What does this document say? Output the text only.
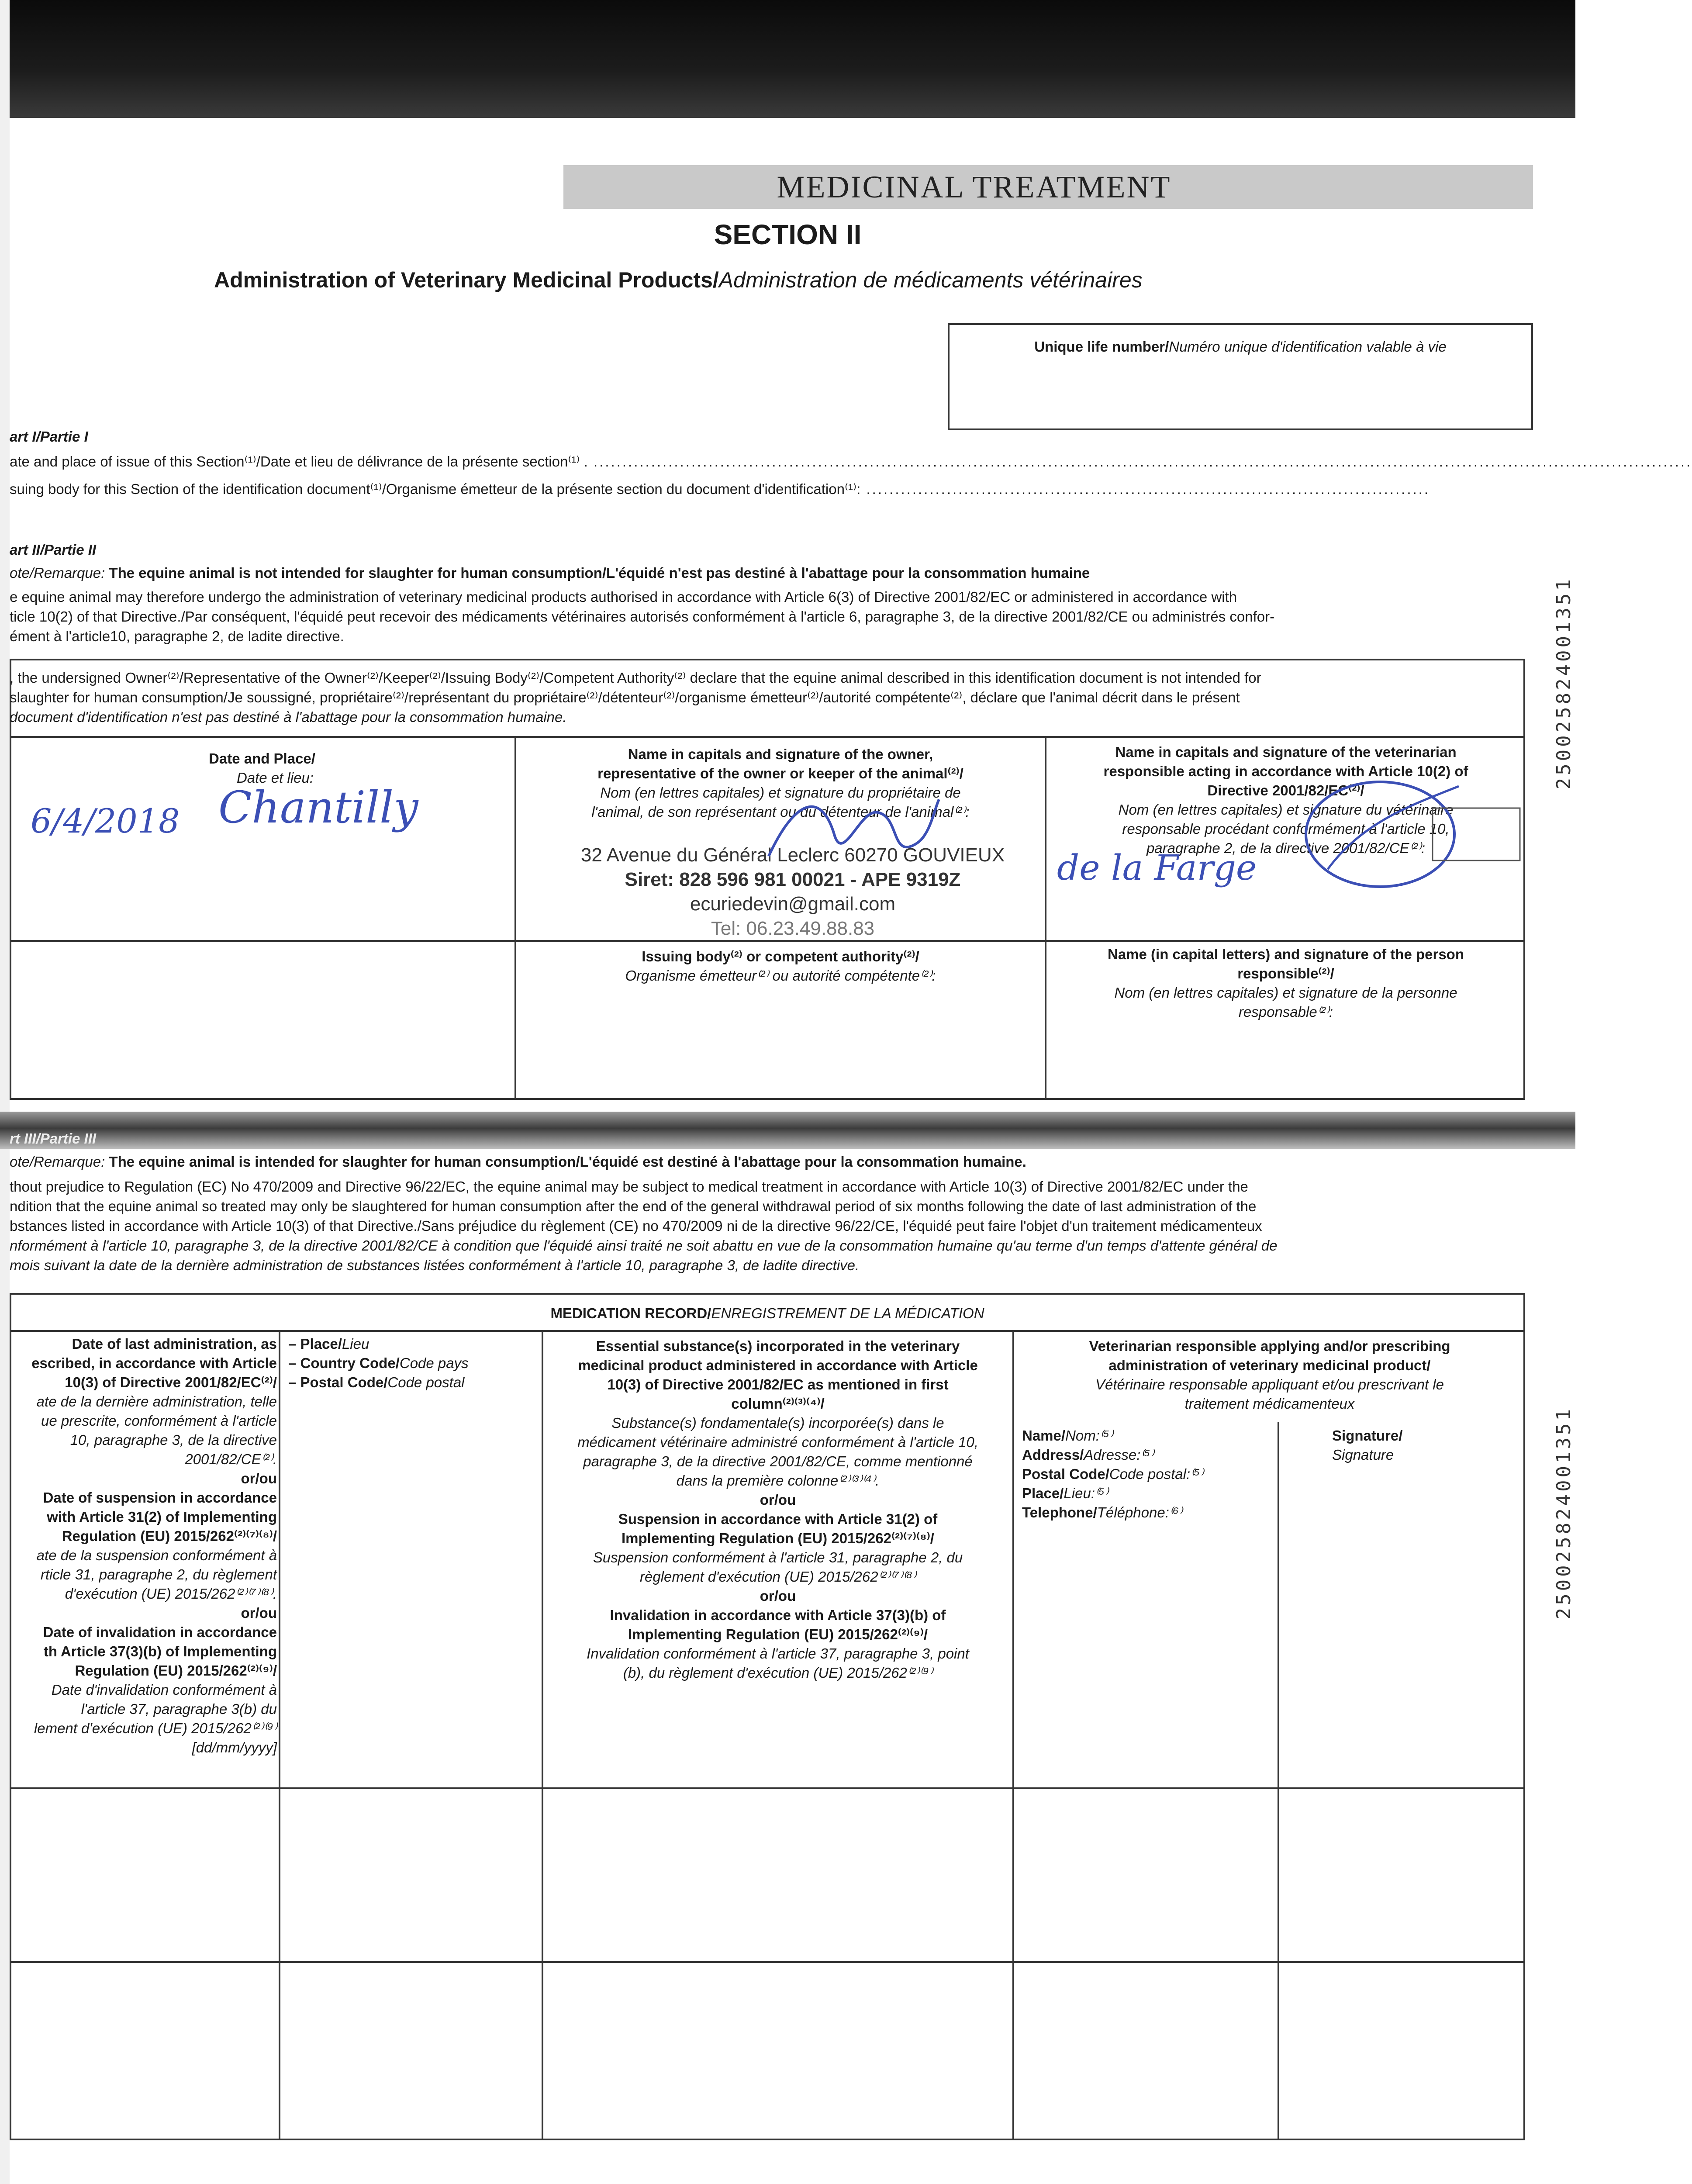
MEDICINAL TREATMENT
SECTION II
Administration of Veterinary Medicinal Products/Administration de médicaments vétérinaires
Unique life number/Numéro unique d'identification valable à vie
art I/Partie I
ate and place of issue of this Section⁽¹⁾/Date et lieu de délivrance de la présente section⁽¹⁾ . ...............................................................................................................................................................................................
suing body for this Section of the identification document⁽¹⁾/Organisme émetteur de la présente section du document d'identification⁽¹⁾: ..................................................................................................
art II/Partie II
ote/Remarque: The equine animal is not intended for slaughter for human consumption/L'équidé n'est pas destiné à l'abattage pour la consommation humaine
e equine animal may therefore undergo the administration of veterinary medicinal products authorised in accordance with Article 6(3) of Directive 2001/82/EC or administered in accordance with
ticle 10(2) of that Directive./Par conséquent, l'équidé peut recevoir des médicaments vétérinaires autorisés conformément à l'article 6, paragraphe 3, de la directive 2001/82/CE ou administrés confor-
ément à l'article10, paragraphe 2, de ladite directive.
, the undersigned Owner⁽²⁾/Representative of the Owner⁽²⁾/Keeper⁽²⁾/Issuing Body⁽²⁾/Competent Authority⁽²⁾ declare that the equine animal described in this identification document is not intended for
slaughter for human consumption/Je soussigné, propriétaire⁽²⁾/représentant du propriétaire⁽²⁾/détenteur⁽²⁾/organisme émetteur⁽²⁾/autorité compétente⁽²⁾, déclare que l'animal décrit dans le présent
document d'identification n'est pas destiné à l'abattage pour la consommation humaine.
Date and Place/
Date et lieu:
Name in capitals and signature of the owner,
representative of the owner or keeper of the animal⁽²⁾/
Nom (en lettres capitales) et signature du propriétaire de
l'animal, de son représentant ou du détenteur de l'animal⁽²⁾:
Name in capitals and signature of the veterinarian
responsible acting in accordance with Article 10(2) of
Directive 2001/82/EC⁽²⁾/
Nom (en lettres capitales) et signature du vétérinaire
responsable procédant conformément à l'article 10,
paragraphe 2, de la directive 2001/82/CE⁽²⁾:
6/4/2018 Chantilly
de la Farge
32 Avenue du Général Leclerc 60270 GOUVIEUX
Siret: 828 596 981 00021 - APE 9319Z
ecuriedevin@gmail.com
Tel: 06.23.49.88.83
Issuing body⁽²⁾ or competent authority⁽²⁾/
Organisme émetteur⁽²⁾ ou autorité compétente⁽²⁾:
Name (in capital letters) and signature of the person
responsible⁽²⁾/
Nom (en lettres capitales) et signature de la personne
responsable⁽²⁾:
rt III/Partie III
ote/Remarque: The equine animal is intended for slaughter for human consumption/L'équidé est destiné à l'abattage pour la consommation humaine.
thout prejudice to Regulation (EC) No 470/2009 and Directive 96/22/EC, the equine animal may be subject to medical treatment in accordance with Article 10(3) of Directive 2001/82/EC under the
ndition that the equine animal so treated may only be slaughtered for human consumption after the end of the general withdrawal period of six months following the date of last administration of the
bstances listed in accordance with Article 10(3) of that Directive./Sans préjudice du règlement (CE) no 470/2009 ni de la directive 96/22/CE, l'équidé peut faire l'objet d'un traitement médicamenteux
nformément à l'article 10, paragraphe 3, de la directive 2001/82/CE à condition que l'équidé ainsi traité ne soit abattu en vue de la consommation humaine qu'au terme d'un temps d'attente général de
mois suivant la date de la dernière administration de substances listées conformément à l'article 10, paragraphe 3, de ladite directive.
MEDICATION RECORD/ENREGISTREMENT DE LA MÉDICATION
Date of last administration, as
escribed, in accordance with Article
10(3) of Directive 2001/82/EC⁽²⁾/
ate de la dernière administration, telle
ue prescrite, conformément à l'article
10, paragraphe 3, de la directive
2001/82/CE⁽²⁾.
or/ou
Date of suspension in accordance
with Article 31(2) of Implementing
Regulation (EU) 2015/262⁽²⁾⁽⁷⁾⁽⁸⁾/
ate de la suspension conformément à
rticle 31, paragraphe 2, du règlement
d'exécution (UE) 2015/262⁽²⁾⁽⁷⁾⁽⁸⁾.
or/ou
Date of invalidation in accordance
th Article 37(3)(b) of Implementing
Regulation (EU) 2015/262⁽²⁾⁽⁹⁾/
Date d'invalidation conformément à
l'article 37, paragraphe 3(b) du
lement d'exécution (UE) 2015/262⁽²⁾⁽⁹⁾
[dd/mm/yyyy]
– Place/Lieu
– Country Code/Code pays
– Postal Code/Code postal
Essential substance(s) incorporated in the veterinary
medicinal product administered in accordance with Article
10(3) of Directive 2001/82/EC as mentioned in first
column⁽²⁾⁽³⁾⁽⁴⁾/
Substance(s) fondamentale(s) incorporée(s) dans le
médicament vétérinaire administré conformément à l'article 10,
paragraphe 3, de la directive 2001/82/CE, comme mentionné
dans la première colonne⁽²⁾⁽³⁾⁽⁴⁾.
or/ou
Suspension in accordance with Article 31(2) of
Implementing Regulation (EU) 2015/262⁽²⁾⁽⁷⁾⁽⁸⁾/
Suspension conformément à l'article 31, paragraphe 2, du
règlement d'exécution (UE) 2015/262⁽²⁾⁽⁷⁾⁽⁸⁾
or/ou
Invalidation in accordance with Article 37(3)(b) of
Implementing Regulation (EU) 2015/262⁽²⁾⁽⁹⁾/
Invalidation conformément à l'article 37, paragraphe 3, point
(b), du règlement d'exécution (UE) 2015/262⁽²⁾⁽⁹⁾
Veterinarian responsible applying and/or prescribing
administration of veterinary medicinal product/
Vétérinaire responsable appliquant et/ou prescrivant le
traitement médicamenteux
Name/Nom:⁽⁵⁾
Address/Adresse:⁽⁵⁾
Postal Code/Code postal:⁽⁵⁾
Place/Lieu:⁽⁵⁾
Telephone/Téléphone:⁽⁶⁾
Signature/
Signature
250025824001351
250025824001351
